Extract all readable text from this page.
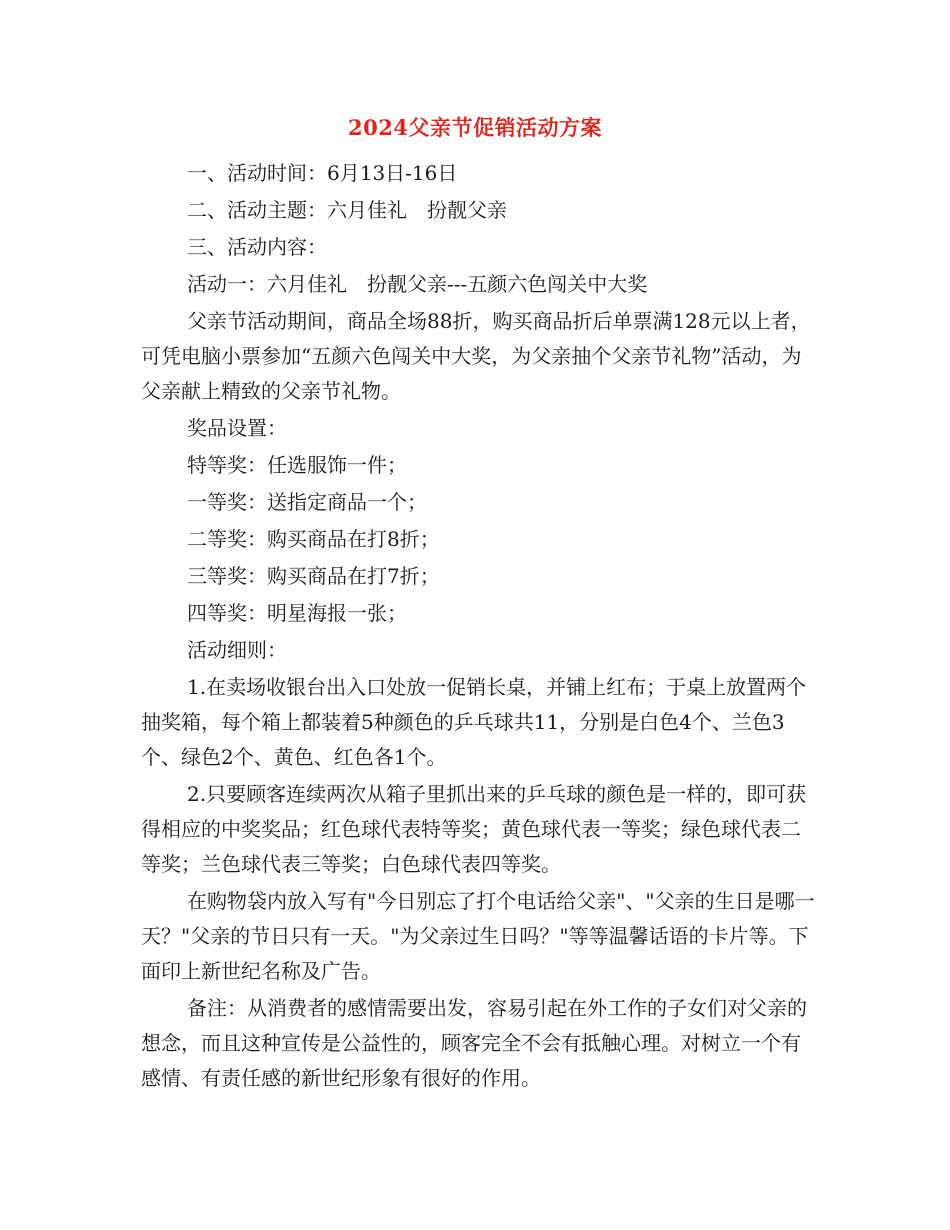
2024父亲节促销活动方案

一、活动时间：6月13日-16日

二、活动主题：六月佳礼　扮靓父亲

三、活动内容：

活动一：六月佳礼　扮靓父亲---五颜六色闯关中大奖

父亲节活动期间，商品全场88折，购买商品折后单票满128元以上者，可凭电脑小票参加“五颜六色闯关中大奖，为父亲抽个父亲节礼物”活动，为父亲献上精致的父亲节礼物。

奖品设置：

特等奖：任选服饰一件；

一等奖：送指定商品一个；

二等奖：购买商品在打8折；

三等奖：购买商品在打7折；

四等奖：明星海报一张；

活动细则：

1.在卖场收银台出入口处放一促销长桌，并铺上红布；于桌上放置两个抽奖箱，每个箱上都装着5种颜色的乒乓球共11，分别是白色4个、兰色3个、绿色2个、黄色、红色各1个。

2.只要顾客连续两次从箱子里抓出来的乒乓球的颜色是一样的，即可获得相应的中奖奖品；红色球代表特等奖；黄色球代表一等奖；绿色球代表二等奖；兰色球代表三等奖；白色球代表四等奖。

在购物袋内放入写有"今日别忘了打个电话给父亲"、"父亲的生日是哪一天？"父亲的节日只有一天。"为父亲过生日吗？"等等温馨话语的卡片等。下面印上新世纪名称及广告。

备注：从消费者的感情需要出发，容易引起在外工作的子女们对父亲的想念，而且这种宣传是公益性的，顾客完全不会有抵触心理。对树立一个有感情、有责任感的新世纪形象有很好的作用。
